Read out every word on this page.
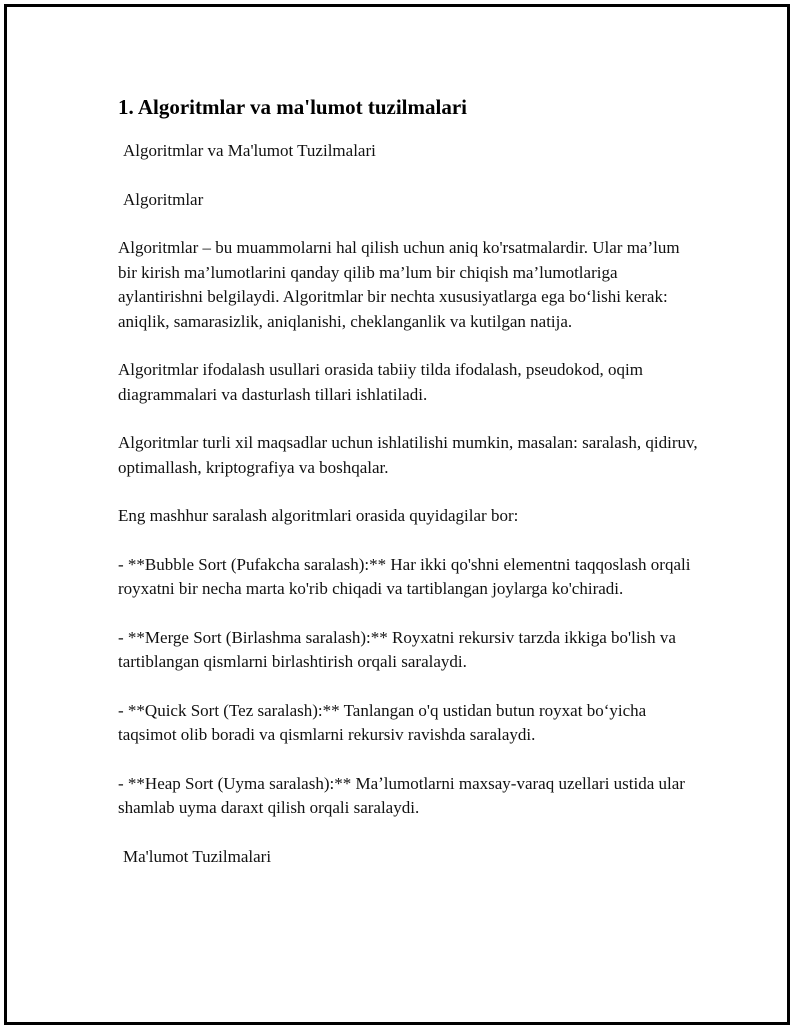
1. Algoritmlar va ma'lumot tuzilmalari

Algoritmlar va Ma'lumot Tuzilmalari

Algoritmlar

Algoritmlar – bu muammolarni hal qilish uchun aniq ko'rsatmalardir. Ular ma’lum bir kirish ma’lumotlarini qanday qilib ma’lum bir chiqish ma’lumotlariga aylantirishni belgilaydi. Algoritmlar bir nechta xususiyatlarga ega bo‘lishi kerak: aniqlik, samarasizlik, aniqlanishi, cheklanganlik va kutilgan natija.

Algoritmlar ifodalash usullari orasida tabiiy tilda ifodalash, pseudokod, oqim diagrammalari va dasturlash tillari ishlatiladi.

Algoritmlar turli xil maqsadlar uchun ishlatilishi mumkin, masalan: saralash, qidiruv, optimallash, kriptografiya va boshqalar.

Eng mashhur saralash algoritmlari orasida quyidagilar bor:

- **Bubble Sort (Pufakcha saralash):** Har ikki qo'shni elementni taqqoslash orqali royxatni bir necha marta ko'rib chiqadi va tartiblangan joylarga ko'chiradi.

- **Merge Sort (Birlashma saralash):** Royxatni rekursiv tarzda ikkiga bo'lish va tartiblangan qismlarni birlashtirish orqali saralaydi.

- **Quick Sort (Tez saralash):** Tanlangan o'q ustidan butun royxat bo‘yicha taqsimot olib boradi va qismlarni rekursiv ravishda saralaydi.

- **Heap Sort (Uyma saralash):** Maʼlumotlarni maxsay-varaq uzellari ustida ular shamlab uyma daraxt qilish orqali saralaydi.

Ma'lumot Tuzilmalari
